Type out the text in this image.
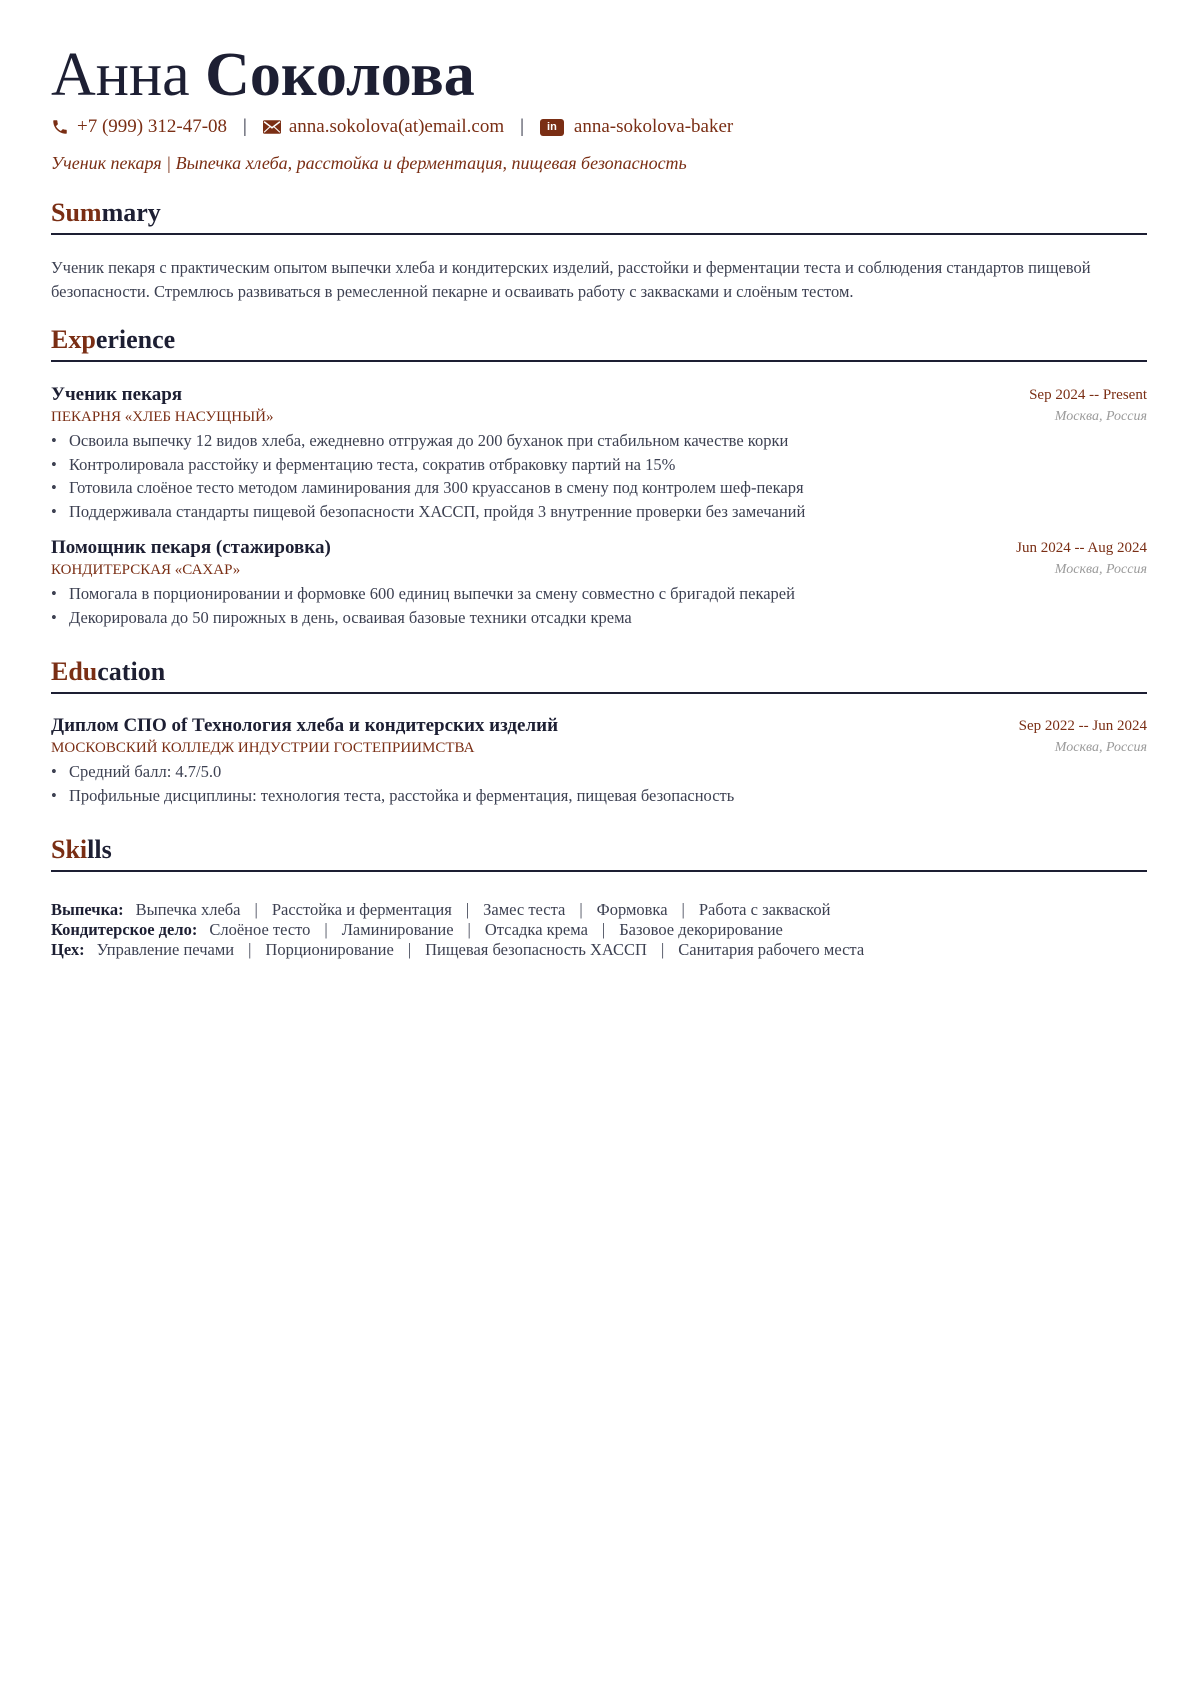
Анна Соколова
+7 (999) 312-47-08 | anna.sokolova(at)email.com |	in anna-sokolova-baker
Ученик пекаря | Выпечка хлеба, расстойка и ферментация, пищевая безопасность
Summary

Ученик пекаря с практическим опытом выпечки хлеба и кондитерских изделий, расстойки и ферментации теста и соблюдения стандартов пищевой безопасности. Стремлюсь развиваться в ремесленной пекарне и осваивать работу с заквасками и слоёным тестом.

Experience
Ученик пекаря
ПЕКАРНЯ «ХЛЕБ НАСУЩНЫЙ»
Sep 2024 -- Present
Москва, Россия
• Освоила выпечку 12 видов хлеба, ежедневно отгружая до 200 буханок при стабильном качестве корки
• Контролировала расстойку и ферментацию теста, сократив отбраковку партий на 15%
• Готовила слоёное тесто методом ламинирования для 300 круассанов в смену под контролем шеф-пекаря
• Поддерживала стандарты пищевой безопасности ХАССП, пройдя 3 внутренние проверки без замечаний
Помощник пекаря (стажировка)
КОНДИТЕРСКАЯ «САХАР»
Jun 2024 -- Aug 2024
Москва, Россия
• Помогала в порционировании и формовке 600 единиц выпечки за смену совместно с бригадой пекарей
• Декорировала до 50 пирожных в день, осваивая базовые техники отсадки крема
Education
Диплом СПО of Технология хлеба и кондитерских изделий
МОСКОВСКИЙ КОЛЛЕДЖ ИНДУСТРИИ ГОСТЕПРИИМСТВА
Sep 2022 -- Jun 2024
Москва, Россия
• Средний балл: 4.7/5.0
• Профильные дисциплины: технология теста, расстойка и ферментация, пищевая безопасность
Skills
Выпечка: Выпечка хлеба | Расстойка и ферментация | Замес теста | Формовка | Работа с закваской
Кондитерское дело: Слоёное тесто | Ламинирование | Отсадка крема | Базовое декорирование
Цех: Управление печами | Порционирование | Пищевая безопасность ХАССП | Санитария рабочего места
